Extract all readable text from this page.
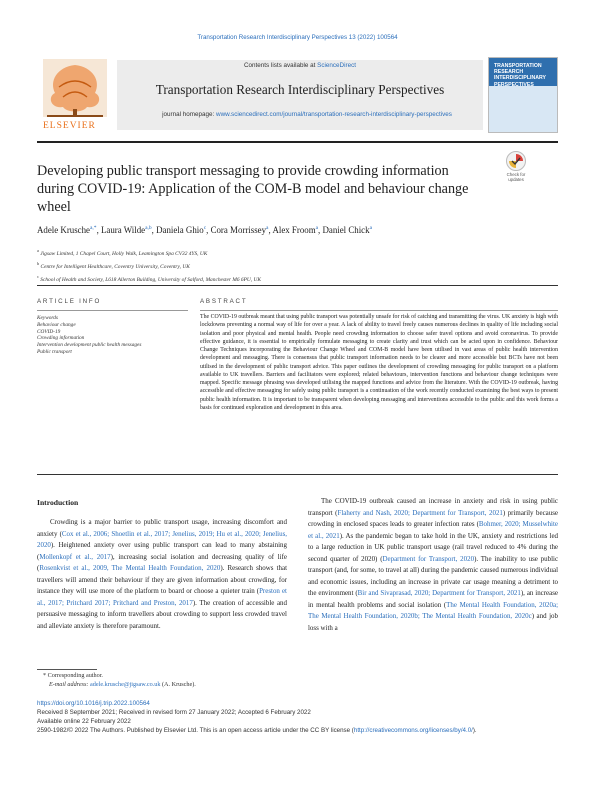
Transportation Research Interdisciplinary Perspectives 13 (2022) 100564
ELSEVIER
Contents lists available at ScienceDirect
Transportation Research Interdisciplinary Perspectives
journal homepage: www.sciencedirect.com/journal/transportation-research-interdisciplinary-perspectives
TRANSPORTATION RESEARCH INTERDISCIPLINARY PERSPECTIVES
Developing public transport messaging to provide crowding information during COVID-19: Application of the COM-B model and behaviour change wheel
Check for updates
Adele Krusche$^{a,*}$, Laura Wilde$^{a,b}$, Daniela Ghio$^c$, Cora Morrissey$^a$, Alex Froom$^a$, Daniel Chick$^a$
$^a$ Jigsaw Limited, 1 Chapel Court, Holly Walk, Leamington Spa CV32 4YS, UK
$^b$ Centre for Intelligent Healthcare, Coventry University, Coventry, UK
$^c$ School of Health and Society, L618 Allerton Building, University of Salford, Manchester M6 6PU, UK
ARTICLE INFO	ABSTRACT
Keywords
Behaviour change
COVID-19
Crowding information
Intervention development public health messages
Public transport
The COVID-19 outbreak meant that using public transport was potentially unsafe for risk of catching and transmitting the virus. UK anxiety is high with lockdowns preventing a normal way of life for over a year. A lack of ability to travel freely causes numerous declines in quality of life including social isolation and poor physical and mental health. People need crowding information to choose safer travel options and avoid coronavirus. To provide effective guidance, it is essential to empirically formulate messaging to create clarity and trust which can be acted upon in confidence. Behaviour Change Techniques incorporating the Behaviour Change Wheel and COM-B model have been utilised in vast areas of public health intervention development and messaging. There is consensus that public transport information needs to be clearer and more accessible but BCTs have not been utilised in the development of public transport advice. This paper outlines the development of crowding messaging for public transport on a platform available to UK travellers. Barriers and facilitators were explored; related behaviours, intervention functions and behaviour change techniques were mapped. Specific message phrasing was developed utilising the mapped functions and advice from the literature. With the COVID-19 outbreak, having accessible and effective messaging for safely using public transport is a continuation of the work recently conducted examining the best ways to present public health information. It is important to be transparent when developing messaging and interventions accessible to the public and this work forms a basis for continued exploration and development in this area.
Introduction

Crowding is a major barrier to public transport usage, increasing discomfort and anxiety (Cox et al., 2006; Shoetlin et al., 2017; Jenelius, 2019; Hu et al., 2020; Jenelius, 2020). Heightened anxiety over using public transport can lead to many abstaining (Mollenkopf et al., 2017), increasing social isolation and decreasing quality of life (Rosenkvist et al., 2009, The Mental Health Foundation, 2020). Research shows that travellers will amend their behaviour if they are given information about crowding, for instance they will use more of the platform to board or choose a quieter train (Preston et al., 2017; Pritchard 2017; Pritchard and Preston, 2017). The creation of accessible and persuasive messaging to inform travellers about crowding to support less crowded travel and alleviate anxiety is therefore paramount.

The COVID-19 outbreak caused an increase in anxiety and risk in using public transport (Flaherty and Nash, 2020; Department for Transport, 2021) primarily because crowding in enclosed spaces leads to greater infection rates (Bohmer, 2020; Musselwhite et al., 2021). As the pandemic began to take hold in the UK, anxiety and restrictions led to a large reduction in UK public transport usage (rail travel reduced to 4% during the second quarter of 2020) (Department for Transport, 2020). The inability to use public transport (and, for some, to travel at all) during the pandemic caused numerous individual and economic issues, including an increase in private car usage meaning a detriment to the environment (Bir and Sivaprasad, 2020; Department for Transport, 2021), an increase in mental health problems and social isolation (The Mental Health Foundation, 2020a; The Mental Health Foundation, 2020b; The Mental Health Foundation, 2020c) and job loss with a

* Corresponding author.
E-mail address: adele.krusche@jigsaw.co.uk (A. Krusche).
https://doi.org/10.1016/j.trip.2022.100564
Received 8 September 2021; Received in revised form 27 January 2022; Accepted 6 February 2022
Available online 22 February 2022
2590-1982/© 2022 The Authors. Published by Elsevier Ltd. This is an open access article under the CC BY license (http://creativecommons.org/licenses/by/4.0/).
